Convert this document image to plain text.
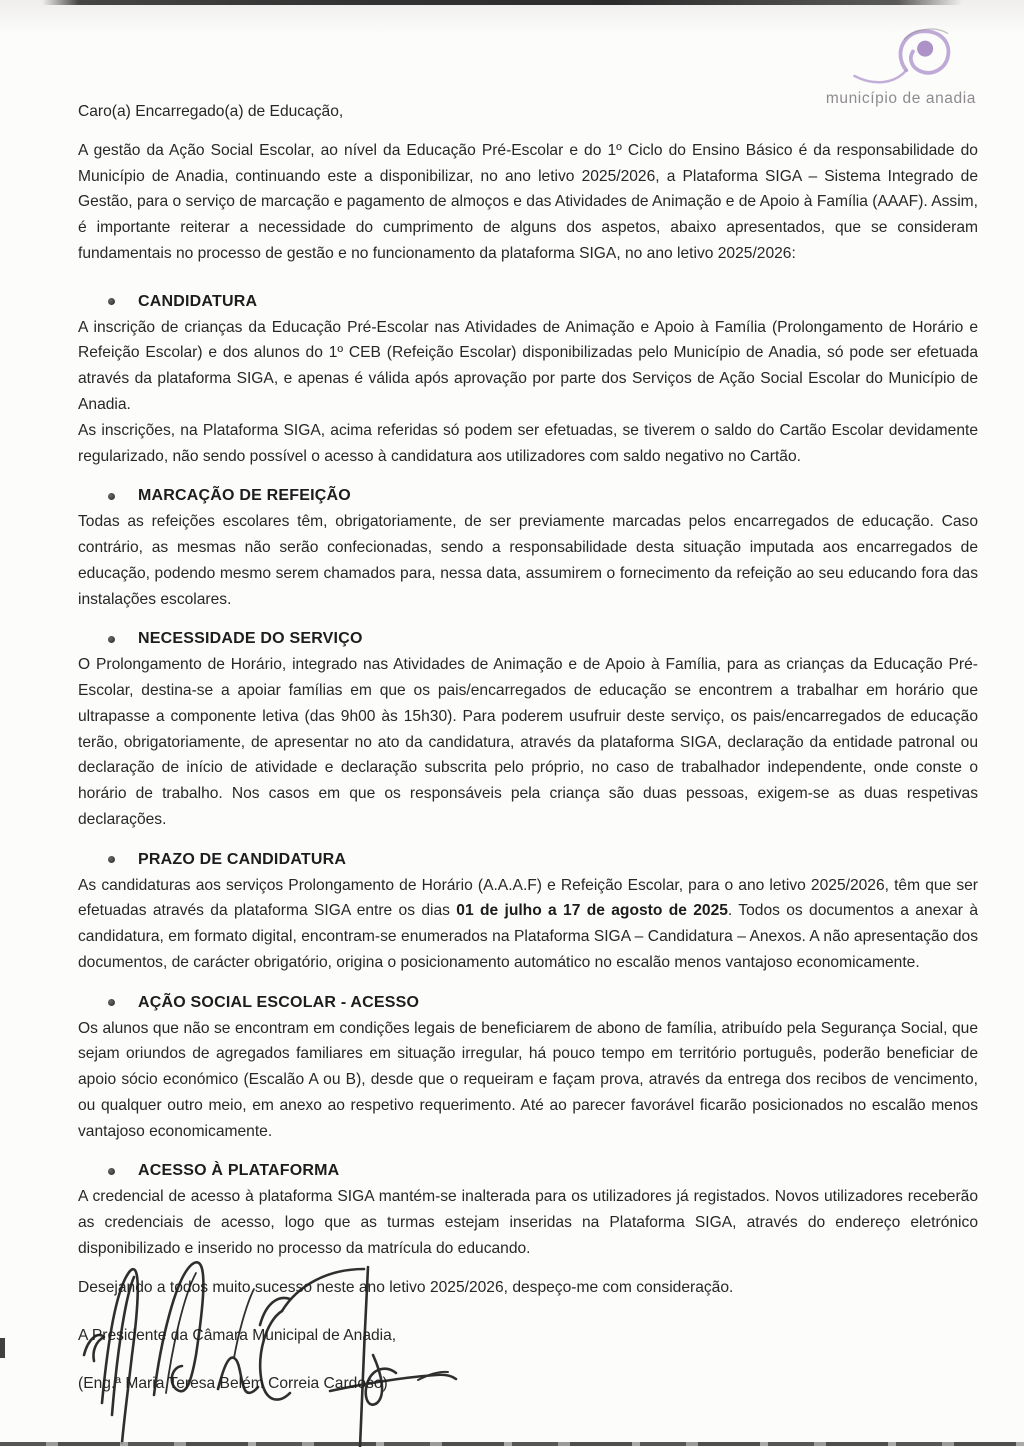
município de anadia

Caro(a) Encarregado(a) de Educação,

A gestão da Ação Social Escolar, ao nível da Educação Pré-Escolar e do 1º Ciclo do Ensino Básico é da responsabilidade do Município de Anadia, continuando este a disponibilizar, no ano letivo 2025/2026, a Plataforma SIGA – Sistema Integrado de Gestão, para o serviço de marcação e pagamento de almoços e das Atividades de Animação e de Apoio à Família (AAAF). Assim, é importante reiterar a necessidade do cumprimento de alguns dos aspetos, abaixo apresentados, que se consideram fundamentais no processo de gestão e no funcionamento da plataforma SIGA, no ano letivo 2025/2026:

CANDIDATURA

A inscrição de crianças da Educação Pré-Escolar nas Atividades de Animação e Apoio à Família (Prolongamento de Horário e Refeição Escolar) e dos alunos do 1º CEB (Refeição Escolar) disponibilizadas pelo Município de Anadia, só pode ser efetuada através da plataforma SIGA, e apenas é válida após aprovação por parte dos Serviços de Ação Social Escolar do Município de Anadia.

As inscrições, na Plataforma SIGA, acima referidas só podem ser efetuadas, se tiverem o saldo do Cartão Escolar devidamente regularizado, não sendo possível o acesso à candidatura aos utilizadores com saldo negativo no Cartão.

MARCAÇÃO DE REFEIÇÃO

Todas as refeições escolares têm, obrigatoriamente, de ser previamente marcadas pelos encarregados de educação. Caso contrário, as mesmas não serão confecionadas, sendo a responsabilidade desta situação imputada aos encarregados de educação, podendo mesmo serem chamados para, nessa data, assumirem o fornecimento da refeição ao seu educando fora das instalações escolares.

NECESSIDADE DO SERVIÇO

O Prolongamento de Horário, integrado nas Atividades de Animação e de Apoio à Família, para as crianças da Educação Pré-Escolar, destina-se a apoiar famílias em que os pais/encarregados de educação se encontrem a trabalhar em horário que ultrapasse a componente letiva (das 9h00 às 15h30). Para poderem usufruir deste serviço, os pais/encarregados de educação terão, obrigatoriamente, de apresentar no ato da candidatura, através da plataforma SIGA, declaração da entidade patronal ou declaração de início de atividade e declaração subscrita pelo próprio, no caso de trabalhador independente, onde conste o horário de trabalho. Nos casos em que os responsáveis pela criança são duas pessoas, exigem-se as duas respetivas declarações.

PRAZO DE CANDIDATURA

As candidaturas aos serviços Prolongamento de Horário (A.A.A.F) e Refeição Escolar, para o ano letivo 2025/2026, têm que ser efetuadas através da plataforma SIGA entre os dias 01 de julho a 17 de agosto de 2025. Todos os documentos a anexar à candidatura, em formato digital, encontram-se enumerados na Plataforma SIGA – Candidatura – Anexos. A não apresentação dos documentos, de carácter obrigatório, origina o posicionamento automático no escalão menos vantajoso economicamente.

AÇÃO SOCIAL ESCOLAR - ACESSO

Os alunos que não se encontram em condições legais de beneficiarem de abono de família, atribuído pela Segurança Social, que sejam oriundos de agregados familiares em situação irregular, há pouco tempo em território português, poderão beneficiar de apoio sócio económico (Escalão A ou B), desde que o requeiram e façam prova, através da entrega dos recibos de vencimento, ou qualquer outro meio, em anexo ao respetivo requerimento. Até ao parecer favorável ficarão posicionados no escalão menos vantajoso economicamente.

ACESSO À PLATAFORMA

A credencial de acesso à plataforma SIGA mantém-se inalterada para os utilizadores já registados. Novos utilizadores receberão as credenciais de acesso, logo que as turmas estejam inseridas na Plataforma SIGA, através do endereço eletrónico disponibilizado e inserido no processo da matrícula do educando.

Desejando a todos muito sucesso neste ano letivo 2025/2026, despeço-me com consideração.

A Presidente da Câmara Municipal de Anadia,

(Eng.ª Maria Teresa Belém Correia Cardoso)
